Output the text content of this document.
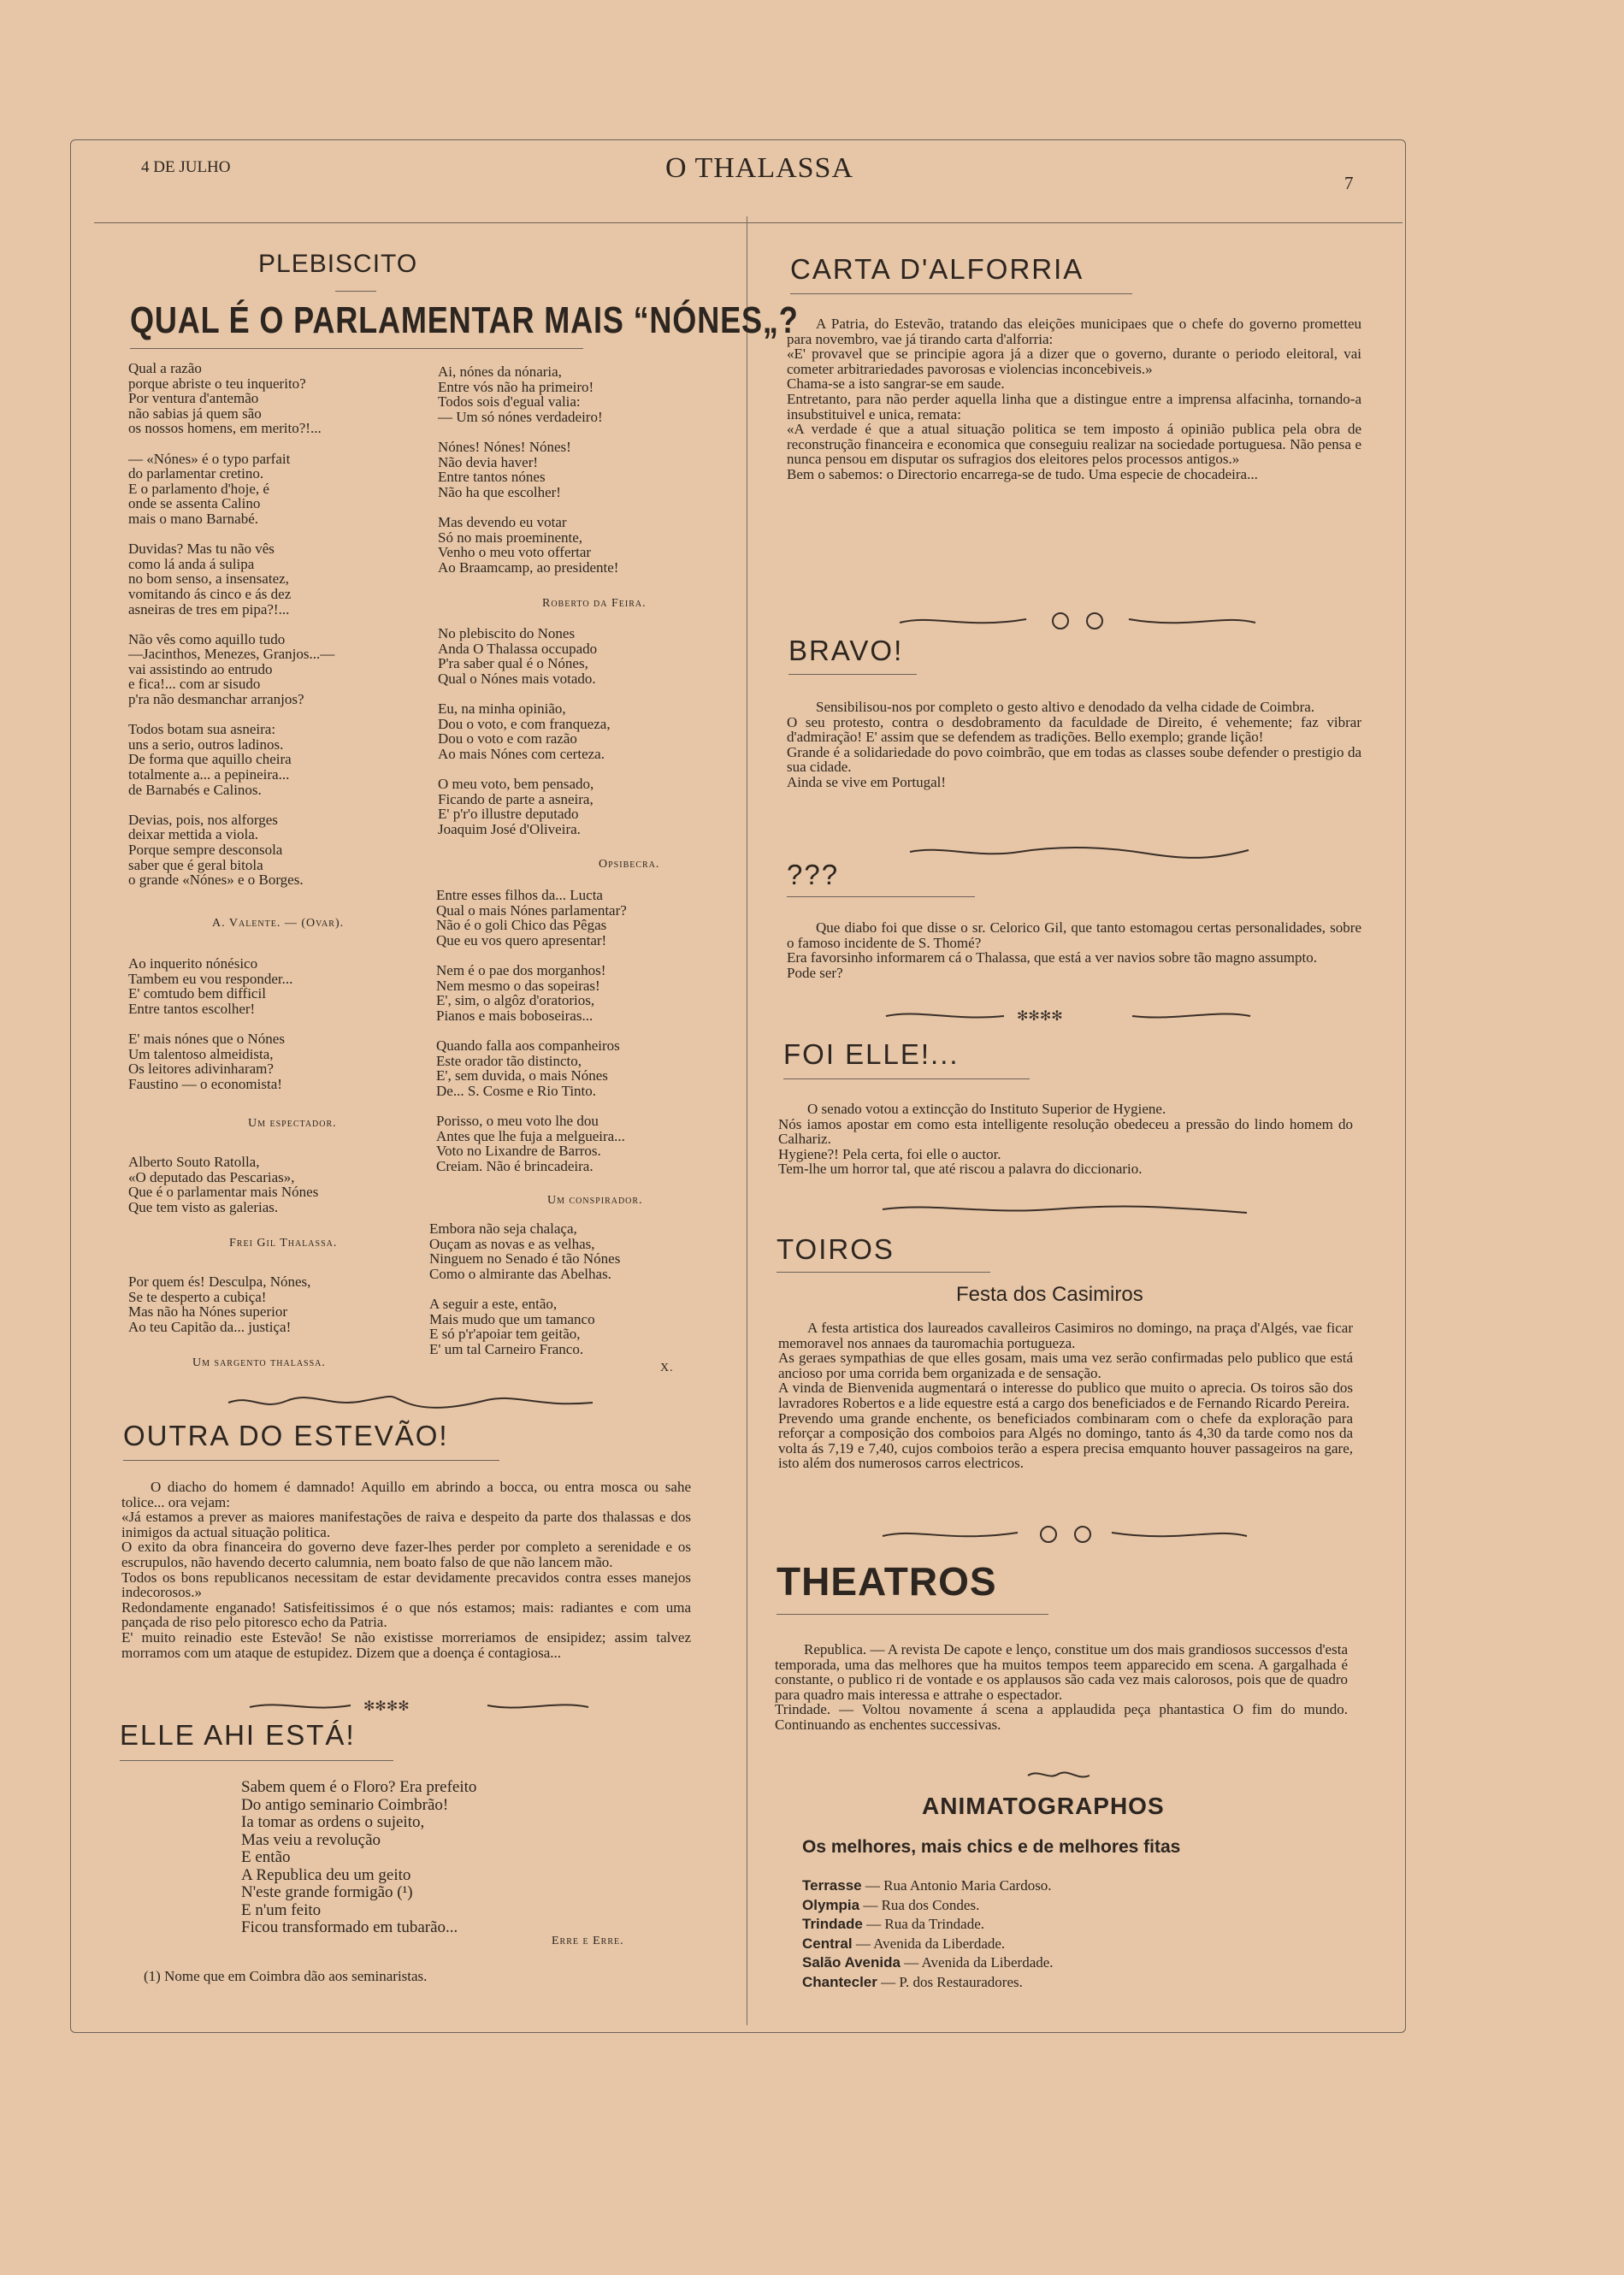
4 DE JULHO	O THALASSA	7
PLEBISCITO
QUAL É O PARLAMENTAR MAIS “NÓNES„?
Qual a razão
porque abriste o teu inquerito?
Por ventura d'antemão
não sabias já quem são
os nossos homens, em merito?!...

— «Nónes» é o typo parfait
do parlamentar cretino.
E o parlamento d'hoje, é
onde se assenta Calino
mais o mano Barnabé.

Duvidas? Mas tu não vês
como lá anda á sulipa
no bom senso, a insensatez,
vomitando ás cinco e ás dez
asneiras de tres em pipa?!...

Não vês como aquillo tudo
—Jacinthos, Menezes, Granjos...—
vai assistindo ao entrudo
e fica!... com ar sisudo
p'ra não desmanchar arranjos?

Todos botam sua asneira:
uns a serio, outros ladinos.
De forma que aquillo cheira
totalmente a... a pepineira...
de Barnabés e Calinos.

Devias, pois, nos alforges
deixar mettida a viola.
Porque sempre desconsola
saber que é geral bitola
o grande «Nónes» e o Borges.
A. Valente. — (Ovar).
Ao inquerito nónésico
Tambem eu vou responder...
E' comtudo bem difficil
Entre tantos escolher!

E' mais nónes que o Nónes
Um talentoso almeidista,
Os leitores adivinharam?
Faustino — o economista!
Um espectador.
Alberto Souto Ratolla,
«O deputado das Pescarias»,
Que é o parlamentar mais Nónes
Que tem visto as galerias.
Frei Gil Thalassa.
Por quem és! Desculpa, Nónes,
Se te desperto a cubiça!
Mas não ha Nónes superior
Ao teu Capitão da... justiça!
Um sargento thalassa.
Ai, nónes da nónaria,
Entre vós não ha primeiro!
Todos sois d'egual valia:
— Um só nónes verdadeiro!

Nónes! Nónes! Nónes!
Não devia haver!
Entre tantos nónes
Não ha que escolher!

Mas devendo eu votar
Só no mais proeminente,
Venho o meu voto offertar
Ao Braamcamp, ao presidente!
Roberto da Feira.
No plebiscito do Nones
Anda O Thalassa occupado
P'ra saber qual é o Nónes,
Qual o Nónes mais votado.

Eu, na minha opinião,
Dou o voto, e com franqueza,
Dou o voto e com razão
Ao mais Nónes com certeza.

O meu voto, bem pensado,
Ficando de parte a asneira,
E' p'r'o illustre deputado
Joaquim José d'Oliveira.
Opsibecra.
Entre esses filhos da... Lucta
Qual o mais Nónes parlamentar?
Não é o goli Chico das Pêgas
Que eu vos quero apresentar!

Nem é o pae dos morganhos!
Nem mesmo o das sopeiras!
E', sim, o algôz d'oratorios,
Pianos e mais boboseiras...

Quando falla aos companheiros
Este orador tão distincto,
E', sem duvida, o mais Nónes
De... S. Cosme e Rio Tinto.

Porisso, o meu voto lhe dou
Antes que lhe fuja a melgueira...
Voto no Lixandre de Barros.
Creiam. Não é brincadeira.
Um conspirador.
Embora não seja chalaça,
Ouçam as novas e as velhas,
Ninguem no Senado é tão Nónes
Como o almirante das Abelhas.

A seguir a este, então,
Mais mudo que um tamanco
E só p'r'apoiar tem geitão,
E' um tal Carneiro Franco.
X.
OUTRA DO ESTEVÃO!
O diacho do homem é damnado! Aquillo em abrindo a bocca, ou entra mosca ou sahe tolice... ora vejam:
«Já estamos a prever as maiores manifestações de raiva e despeito da parte dos thalassas e dos inimigos da actual situação politica.
O exito da obra financeira do governo deve fazer-lhes perder por completo a serenidade e os escrupulos, não havendo decerto calumnia, nem boato falso de que não lancem mão.
Todos os bons republicanos necessitam de estar devidamente precavidos contra esses manejos indecorosos.»
Redondamente enganado! Satisfeitissimos é o que nós estamos; mais: radiantes e com uma pançada de riso pelo pitoresco echo da Patria.
E' muito reinadio este Estevão! Se não existisse morreriamos de ensipidez; assim talvez morramos com um ataque de estupidez. Dizem que a doença é contagiosa...
✻✻✻✻
ELLE AHI ESTÁ!
Sabem quem é o Floro? Era prefeito
Do antigo seminario Coimbrão!
Ia tomar as ordens o sujeito,
Mas veiu a revolução
E então
A Republica deu um geito
N'este grande formigão (¹)
E n'um feito
Ficou transformado em tubarão...
Erre e Erre.
(1) Nome que em Coimbra dão aos seminaristas.
CARTA D'ALFORRIA
A Patria, do Estevão, tratando das eleições municipaes que o chefe do governo prometteu para novembro, vae já tirando carta d'alforria:
«E' provavel que se principie agora já a dizer que o governo, durante o periodo eleitoral, vai cometer arbitrariedades pavorosas e violencias inconcebiveis.»
Chama-se a isto sangrar-se em saude.
Entretanto, para não perder aquella linha que a distingue entre a imprensa alfacinha, tornando-a insubstituivel e unica, remata:
«A verdade é que a atual situação politica se tem imposto á opinião publica pela obra de reconstrução financeira e economica que conseguiu realizar na sociedade portuguesa. Não pensa e nunca pensou em disputar os sufragios dos eleitores pelos processos antigos.»
Bem o sabemos: o Directorio encarrega-se de tudo. Uma especie de chocadeira...
BRAVO!
Sensibilisou-nos por completo o gesto altivo e denodado da velha cidade de Coimbra.
O seu protesto, contra o desdobramento da faculdade de Direito, é vehemente; faz vibrar d'admiração! E' assim que se defendem as tradições. Bello exemplo; grande lição!
Grande é a solidariedade do povo coimbrão, que em todas as classes soube defender o prestigio da sua cidade.
Ainda se vive em Portugal!
???
Que diabo foi que disse o sr. Celorico Gil, que tanto estomagou certas personalidades, sobre o famoso incidente de S. Thomé?
Era favorsinho informarem cá o Thalassa, que está a ver navios sobre tão magno assumpto.
Pode ser?
✻✻✻✻
FOI ELLE!...
O senado votou a extincção do Instituto Superior de Hygiene.
Nós iamos apostar em como esta intelligente resolução obedeceu a pressão do lindo homem do Calhariz.
Hygiene?! Pela certa, foi elle o auctor.
Tem-lhe um horror tal, que até riscou a palavra do diccionario.
TOIROS
Festa dos Casimiros
A festa artistica dos laureados cavalleiros Casimiros no domingo, na praça d'Algés, vae ficar memoravel nos annaes da tauromachia portugueza.
As geraes sympathias de que elles gosam, mais uma vez serão confirmadas pelo publico que está ancioso por uma corrida bem organizada e de sensação.
A vinda de Bienvenida augmentará o interesse do publico que muito o aprecia. Os toiros são dos lavradores Robertos e a lide equestre está a cargo dos beneficiados e de Fernando Ricardo Pereira.
Prevendo uma grande enchente, os beneficiados combinaram com o chefe da exploração para reforçar a composição dos comboios para Algés no domingo, tanto ás 4,30 da tarde como nos da volta ás 7,19 e 7,40, cujos comboios terão a espera precisa emquanto houver passageiros na gare, isto além dos numerosos carros electricos.
THEATROS
Republica. — A revista De capote e lenço, constitue um dos mais grandiosos successos d'esta temporada, uma das melhores que ha muitos tempos teem apparecido em scena. A gargalhada é constante, o publico ri de vontade e os applausos são cada vez mais calorosos, pois que de quadro para quadro mais interessa e attrahe o espectador.
Trindade. — Voltou novamente á scena a applaudida peça phantastica O fim do mundo. Continuando as enchentes successivas.
ANIMATOGRAPHOS
Os melhores, mais chics e de melhores fitas
Terrasse — Rua Antonio Maria Cardoso.
Olympia — Rua dos Condes.
Trindade — Rua da Trindade.
Central — Avenida da Liberdade.
Salão Avenida — Avenida da Liberdade.
Chantecler — P. dos Restauradores.
